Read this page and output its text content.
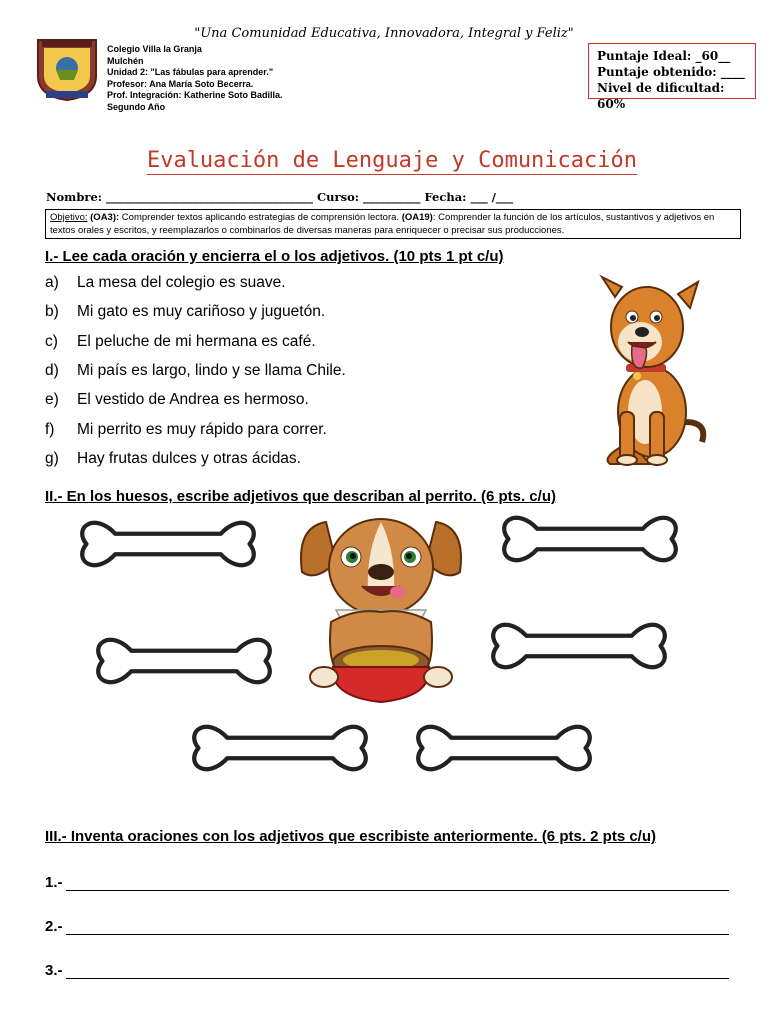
"Una Comunidad Educativa, Innovadora, Integral y Feliz"
Colegio Villa la Granja
Mulchén
Unidad 2: "Las fábulas para aprender."
Profesor: Ana María Soto Becerra.
Prof. Integración: Katherine Soto Badilla.
Segundo Año
Puntaje Ideal: _60__
Puntaje obtenido: ____
Nivel de dificultad: 60%
Evaluación de Lenguaje y Comunicación
Nombre: ____________________________________ Curso: __________ Fecha: ___ /___
Objetivo: (OA3): Comprender textos aplicando estrategias de comprensión lectora. (OA19): Comprender la función de los artículos, sustantivos y adjetivos en textos orales y escritos, y reemplazarlos o combinarlos de diversas maneras para enriquecer o precisar sus producciones.
I.- Lee cada oración y encierra el o los adjetivos. (10 pts 1 pt c/u)
a) La mesa del colegio es suave.
b) Mi gato es muy cariñoso y juguetón.
c) El peluche de mi hermana es café.
d) Mi país es largo, lindo y se llama Chile.
e) El vestido de Andrea es hermoso.
f) Mi perrito es muy rápido para correr.
g) Hay frutas dulces y otras ácidas.
II.- En los huesos, escribe adjetivos que describan al perrito. (6 pts. c/u)
III.- Inventa oraciones con los adjetivos que escribiste anteriormente. (6 pts. 2 pts c/u)
1.-
2.-
3.-
